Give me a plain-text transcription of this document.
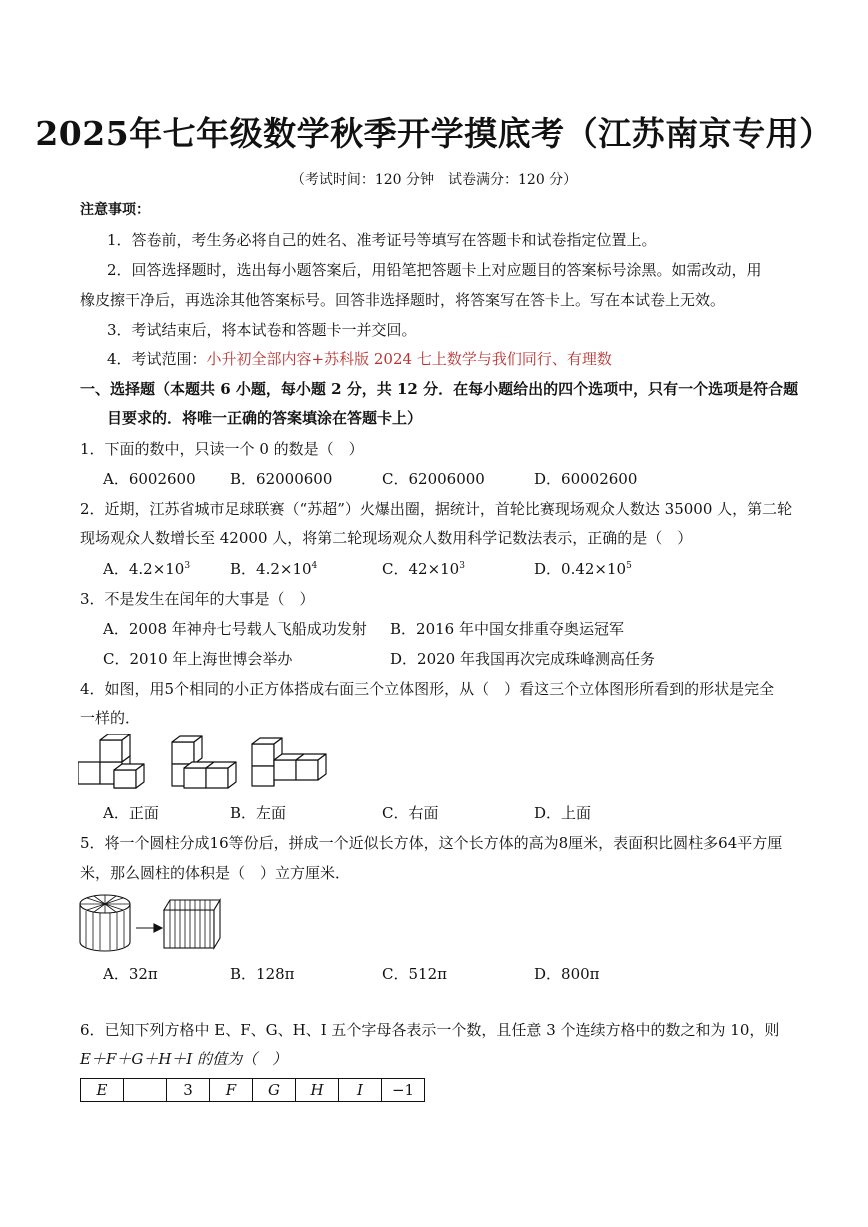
2025年七年级数学秋季开学摸底考（江苏南京专用）
（考试时间：120 分钟　试卷满分：120 分）
注意事项：
1．答卷前，考生务必将自己的姓名、准考证号等填写在答题卡和试卷指定位置上。
2．回答选择题时，选出每小题答案后，用铅笔把答题卡上对应题目的答案标号涂黑。如需改动，用
橡皮擦干净后，再选涂其他答案标号。回答非选择题时，将答案写在答卡上。写在本试卷上无效。
3．考试结束后，将本试卷和答题卡一并交回。
4．考试范围：小升初全部内容+苏科版 2024 七上数学与我们同行、有理数
一、选择题（本题共 6 小题，每小题 2 分，共 12 分．在每小题给出的四个选项中，只有一个选项是符合题
目要求的．将唯一正确的答案填涂在答题卡上）
1．下面的数中，只读一个 0 的数是（　）
A．6002600 B．62000600	C．62006000	D．60002600
2．近期，江苏省城市足球联赛（“苏超”）火爆出圈，据统计，首轮比赛现场观众人数达 35000 人，第二轮
现场观众人数增长至 42000 人，将第二轮现场观众人数用科学记数法表示，正确的是（　）
A．$4.2\times 10^3$	B．$4.2\times 10^4$	C．$42\times 10^3$	D．$0.42\times 10^5$
3．不是发生在闰年的大事是（　）
A．2008 年神舟七号载人飞船成功发射 B．2016 年中国女排重夺奥运冠军
C．2010 年上海世博会举办	D．2020 年我国再次完成珠峰测高任务
4．如图，用5个相同的小正方体搭成右面三个立体图形，从（　）看这三个立体图形所看到的形状是完全
一样的．
A．正面	B．左面	C．右面	D．上面
5．将一个圆柱分成16等份后，拼成一个近似长方体，这个长方体的高为8厘米，表面积比圆柱多64平方厘
米，那么圆柱的体积是（　）立方厘米．
A．32π	B．128π	C．512π	D．800π
6．已知下列方格中 E、F、G、H、I 五个字母各表示一个数，且任意 3 个连续方格中的数之和为 10，则
E＋F＋G＋H＋I 的值为（　）
E		3	F	G	H	I	−1
